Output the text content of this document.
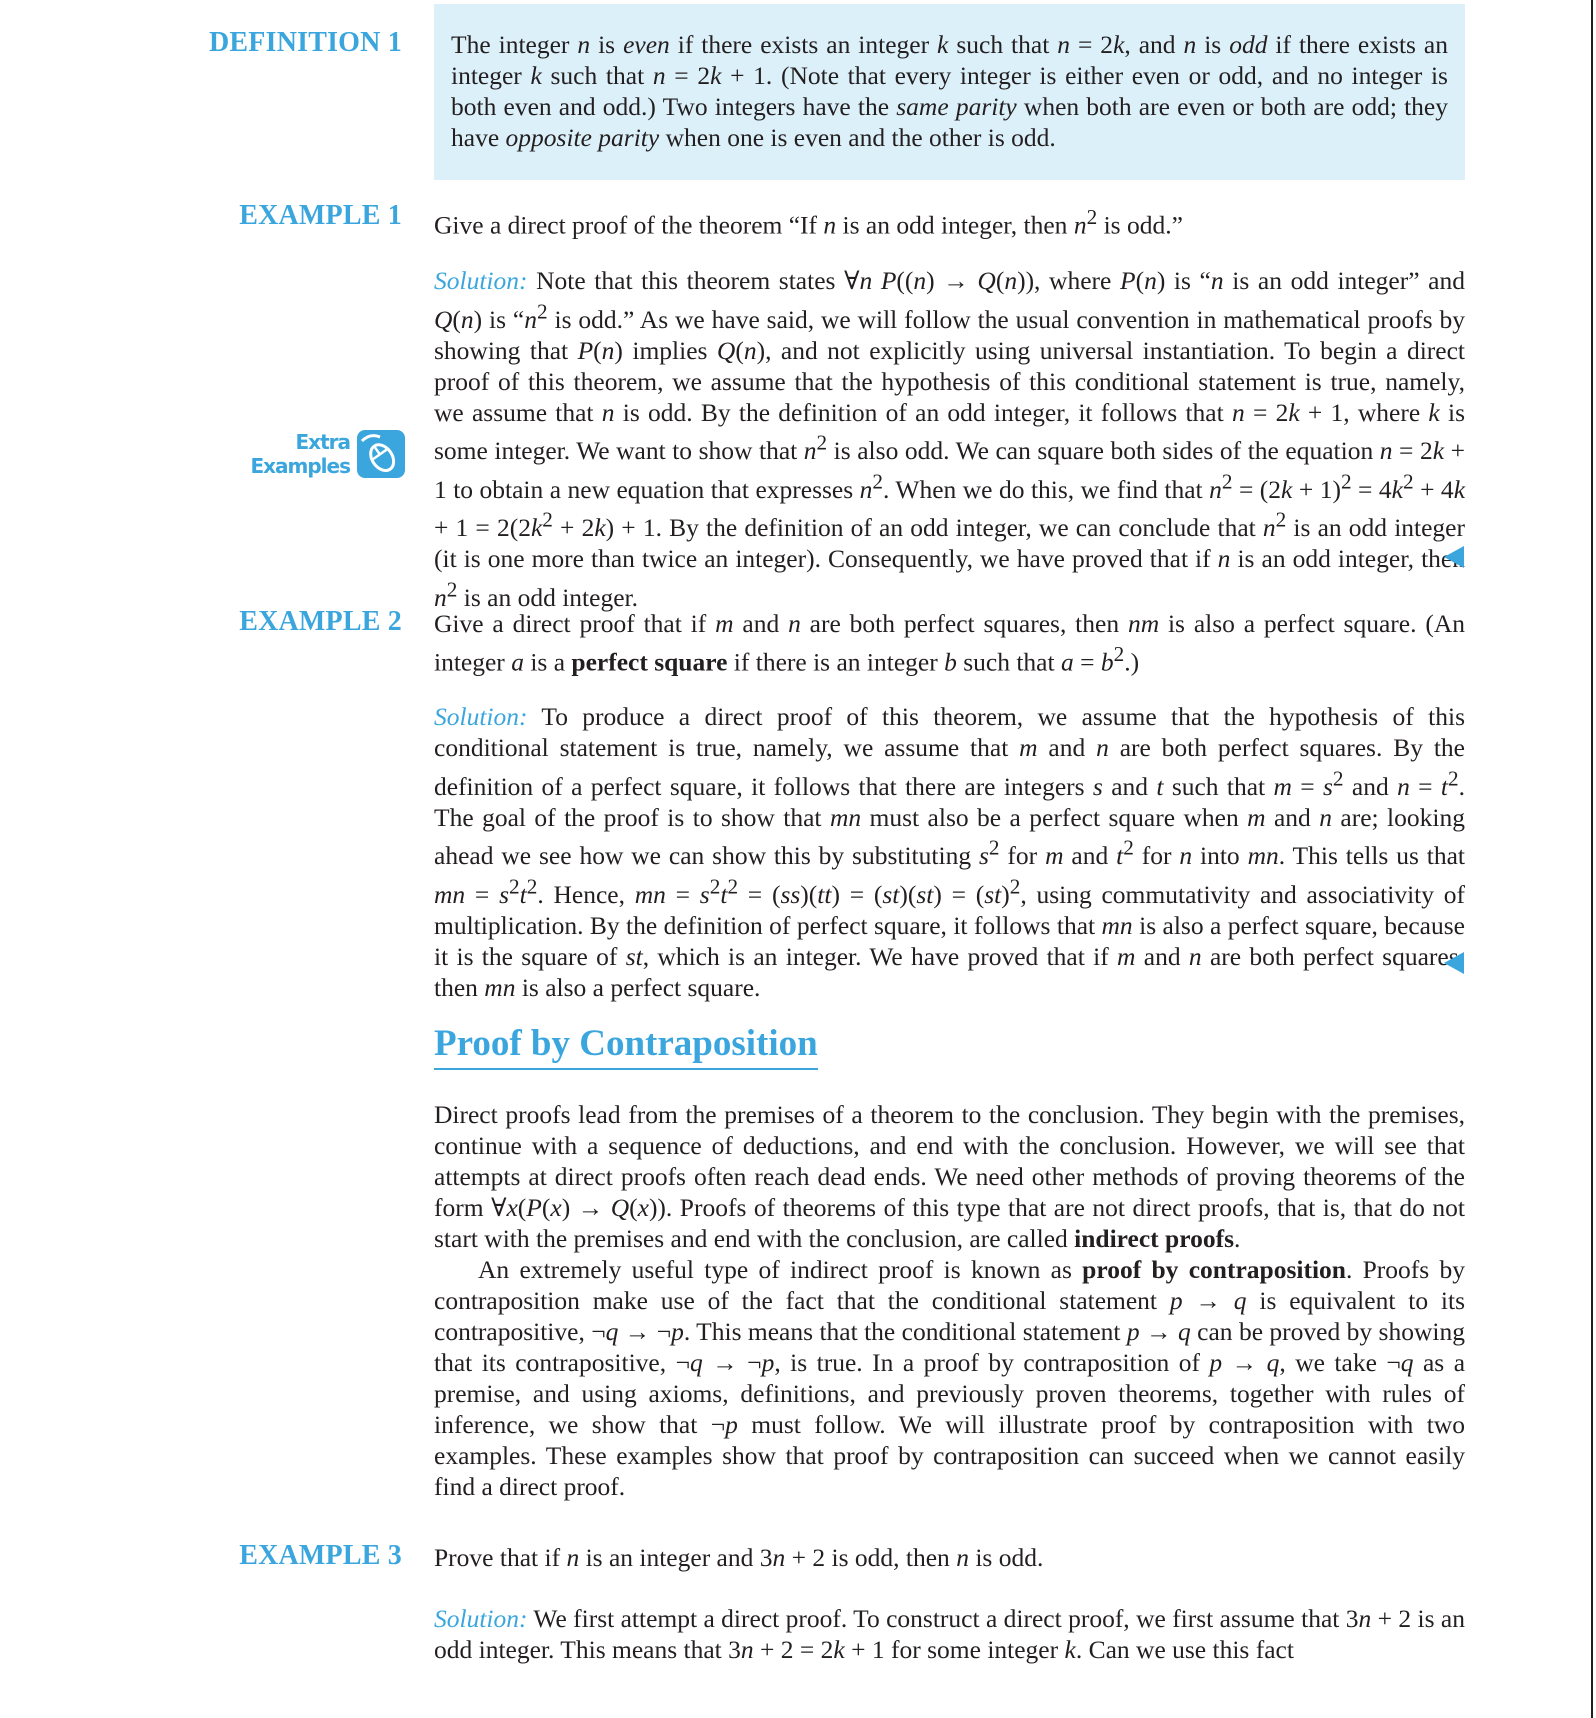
DEFINITION 1 The integer n is even if there exists an integer k such that n = 2k, and n is odd if there exists an integer k such that n = 2k + 1. (Note that every integer is either even or odd, and no integer is both even and odd.) Two integers have the same parity when both are even or both are odd; they have opposite parity when one is even and the other is odd.
EXAMPLE 1 Give a direct proof of the theorem “If n is an odd integer, then $n^2$ is odd.”

Solution: Note that this theorem states ∀n P((n) → Q(n)), where P(n) is “n is an odd integer” and Q(n) is “$n^2$ is odd.” As we have said, we will follow the usual convention in mathematical proofs by showing that P(n) implies Q(n), and not explicitly using universal instantiation. To begin a direct proof of this theorem, we assume that the hypothesis of this conditional statement is true, namely, we assume that n is odd. By the definition of an odd integer, it follows that n = 2k + 1, where k is some integer. We want to show that $n^2$ is also odd. We can square both sides of the equation n = 2k + 1 to obtain a new equation that expresses $n^2$. When we do this, we find that $n^2 = (2k + 1)^2 = 4k^2 + 4k + 1 = 2(2k^2 + 2k) + 1$. By the definition of an odd integer, we can conclude that $n^2$ is an odd integer (it is one more than twice an integer). Consequently, we have proved that if n is an odd integer, then $n^2$ is an odd integer.

Extra
Examples
EXAMPLE 2 Give a direct proof that if m and n are both perfect squares, then nm is also a perfect square. (An integer a is a perfect square if there is an integer b such that $a = b^2$.)

Solution: To produce a direct proof of this theorem, we assume that the hypothesis of this conditional statement is true, namely, we assume that m and n are both perfect squares. By the definition of a perfect square, it follows that there are integers s and t such that $m = s^2$ and $n = t^2$. The goal of the proof is to show that mn must also be a perfect square when m and n are; looking ahead we see how we can show this by substituting $s^2$ for m and $t^2$ for n into mn. This tells us that mn = $s^2t^2$. Hence, mn = $s^2t^2 = (ss)(tt) = (st)(st) = (st)^2$, using commutativity and associativity of multiplication. By the definition of perfect square, it follows that mn is also a perfect square, because it is the square of st, which is an integer. We have proved that if m and n are both perfect squares, then mn is also a perfect square.

Proof by Contraposition

Direct proofs lead from the premises of a theorem to the conclusion. They begin with the premises, continue with a sequence of deductions, and end with the conclusion. However, we will see that attempts at direct proofs often reach dead ends. We need other methods of proving theorems of the form ∀x(P(x) → Q(x)). Proofs of theorems of this type that are not direct proofs, that is, that do not start with the premises and end with the conclusion, are called indirect proofs.

An extremely useful type of indirect proof is known as proof by contraposition. Proofs by contraposition make use of the fact that the conditional statement p → q is equivalent to its contrapositive, ¬q → ¬p. This means that the conditional statement p → q can be proved by showing that its contrapositive, ¬q → ¬p, is true. In a proof by contraposition of p → q, we take ¬q as a premise, and using axioms, definitions, and previously proven theorems, together with rules of inference, we show that ¬p must follow. We will illustrate proof by contraposition with two examples. These examples show that proof by contraposition can succeed when we cannot easily find a direct proof.

EXAMPLE 3 Prove that if n is an integer and 3n + 2 is odd, then n is odd.

Solution: We first attempt a direct proof. To construct a direct proof, we first assume that 3n + 2 is an odd integer. This means that 3n + 2 = 2k + 1 for some integer k. Can we use this fact
